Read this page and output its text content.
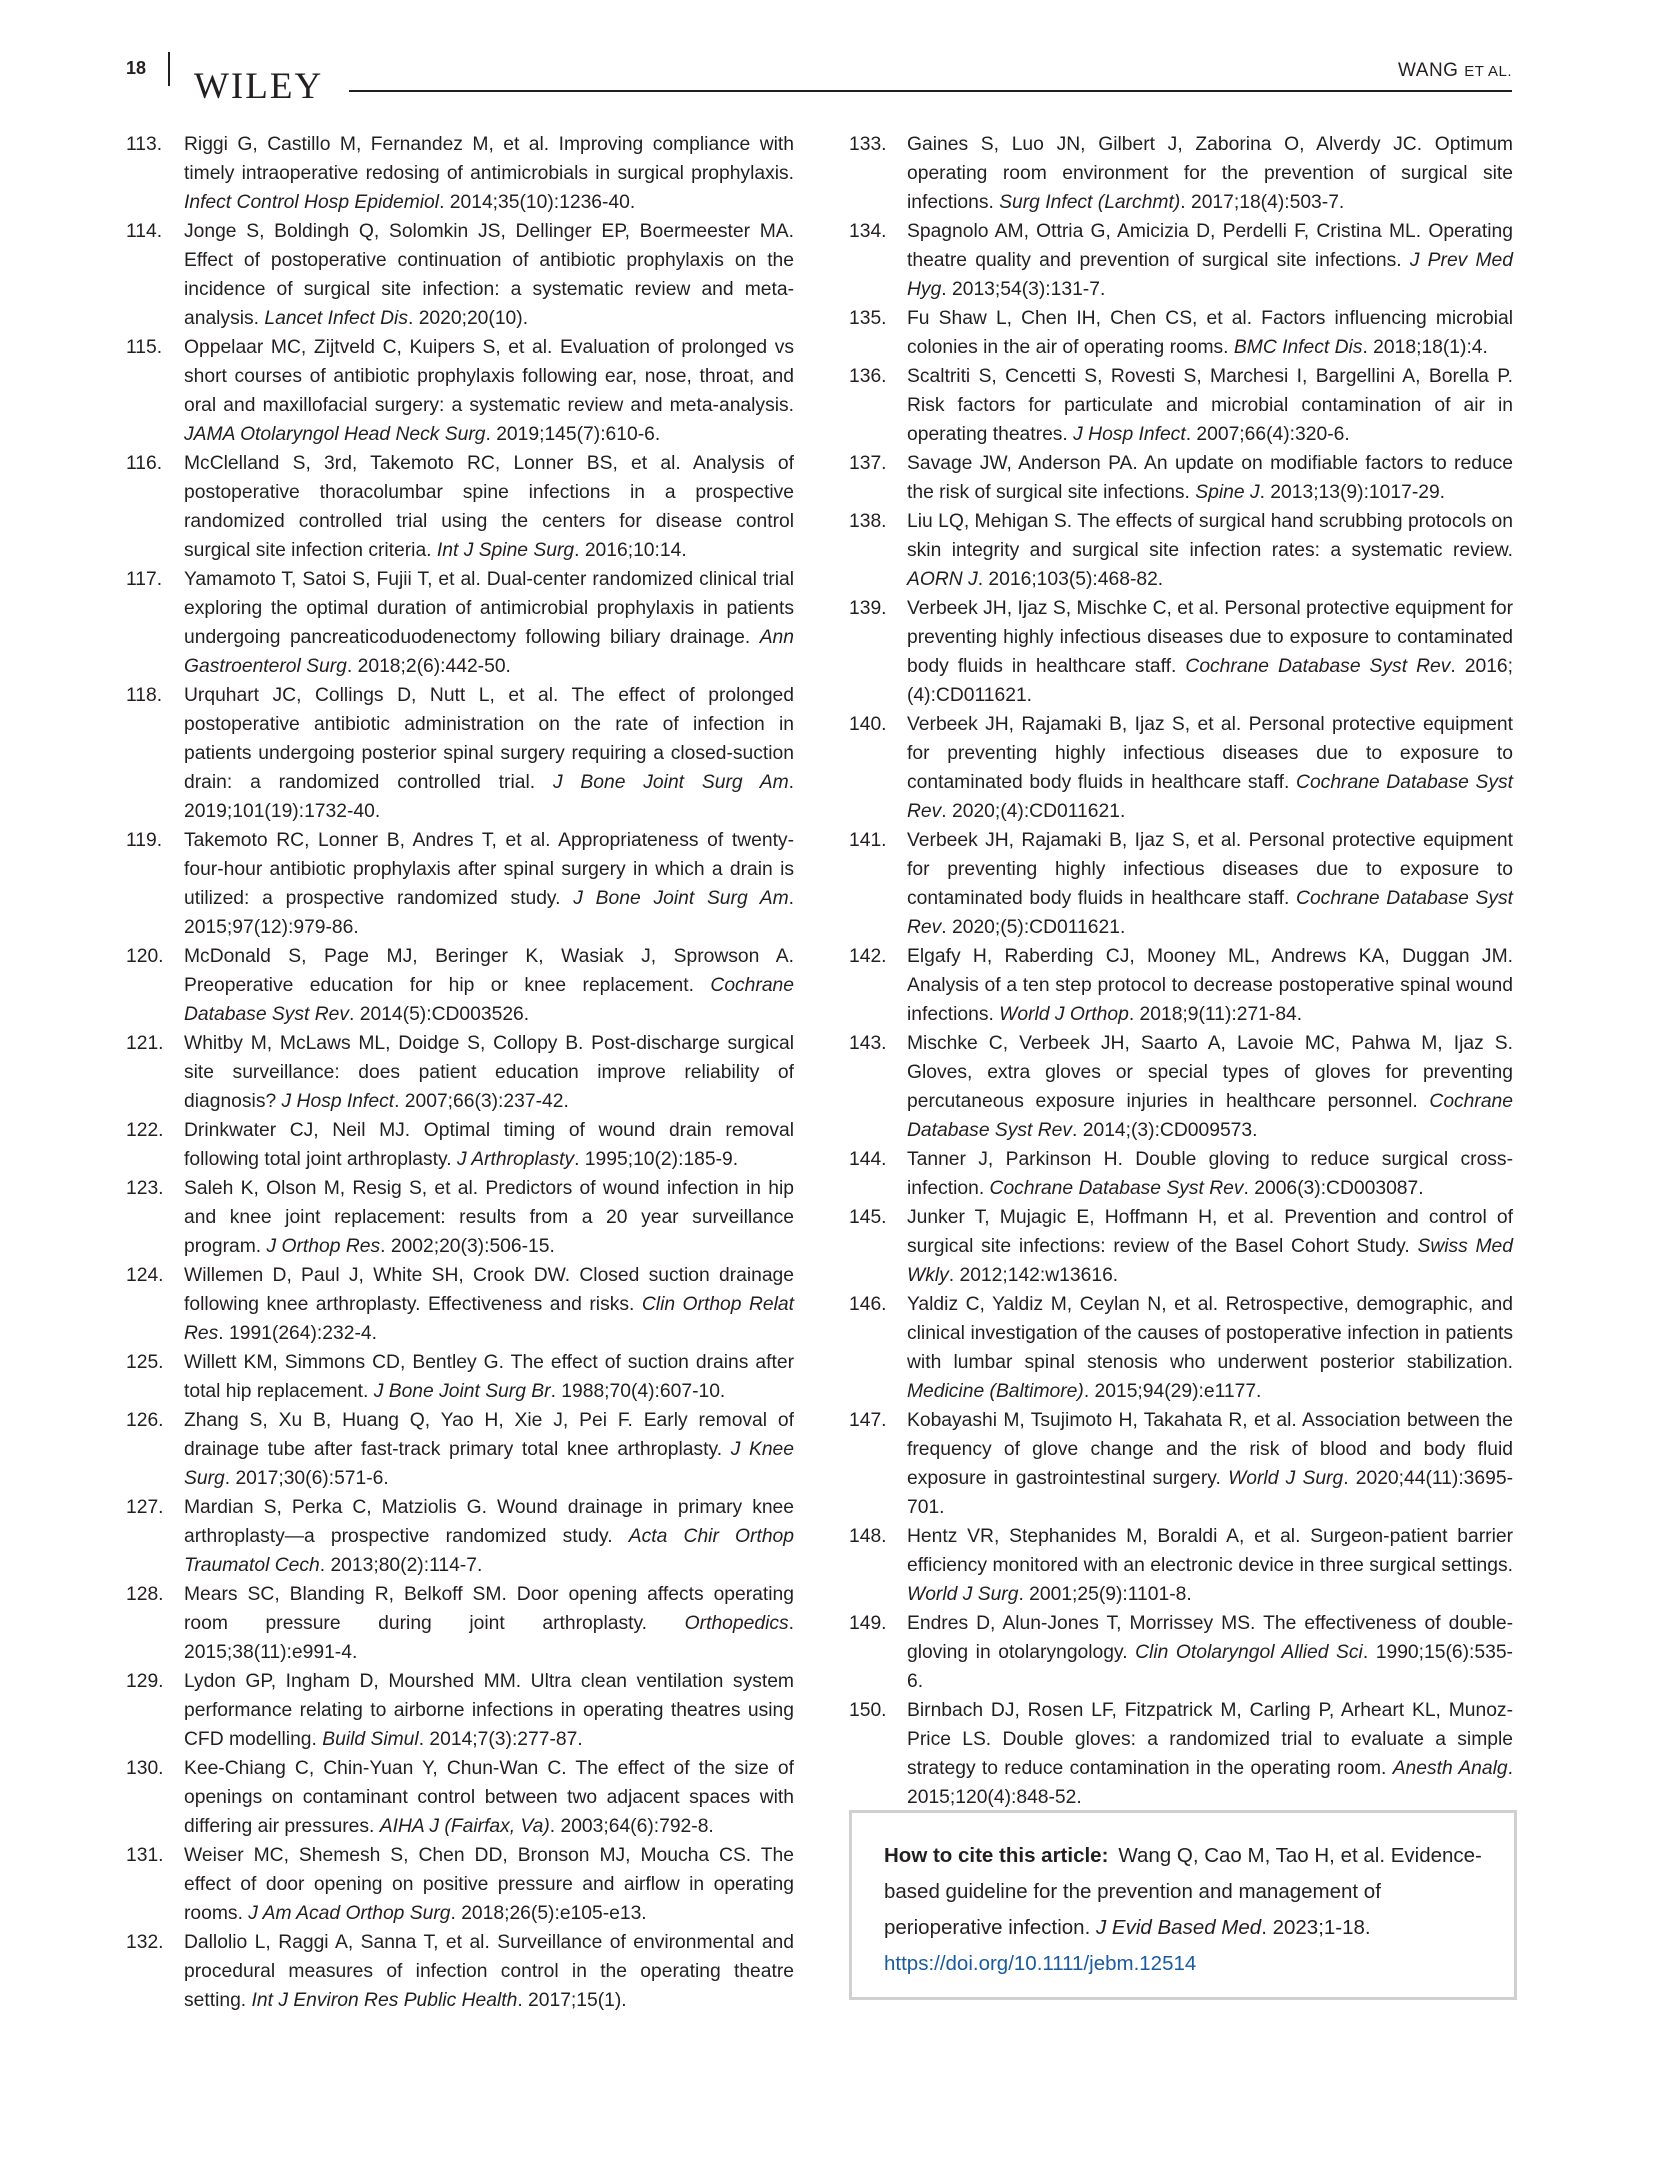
18 WILEY	WANG ET AL.
113.	Riggi G, Castillo M, Fernandez M, et al. Improving compliance with timely intraoperative redosing of antimicrobials in surgical prophylaxis. Infect Control Hosp Epidemiol. 2014;35(10):1236-40.
114.	Jonge S, Boldingh Q, Solomkin JS, Dellinger EP, Boermeester MA. Effect of postoperative continuation of antibiotic prophylaxis on the incidence of surgical site infection: a systematic review and meta-analysis. Lancet Infect Dis. 2020;20(10).
115.	Oppelaar MC, Zijtveld C, Kuipers S, et al. Evaluation of prolonged vs short courses of antibiotic prophylaxis following ear, nose, throat, and oral and maxillofacial surgery: a systematic review and meta-analysis. JAMA Otolaryngol Head Neck Surg. 2019;145(7):610-6.
116.	McClelland S, 3rd, Takemoto RC, Lonner BS, et al. Analysis of postoperative thoracolumbar spine infections in a prospective randomized controlled trial using the centers for disease control surgical site infection criteria. Int J Spine Surg. 2016;10:14.
117.	Yamamoto T, Satoi S, Fujii T, et al. Dual-center randomized clinical trial exploring the optimal duration of antimicrobial prophylaxis in patients undergoing pancreaticoduodenectomy following biliary drainage. Ann Gastroenterol Surg. 2018;2(6):442-50.
118.	Urquhart JC, Collings D, Nutt L, et al. The effect of prolonged postoperative antibiotic administration on the rate of infection in patients undergoing posterior spinal surgery requiring a closed-suction drain: a randomized controlled trial. J Bone Joint Surg Am. 2019;101(19):1732-40.
119.	Takemoto RC, Lonner B, Andres T, et al. Appropriateness of twenty-four-hour antibiotic prophylaxis after spinal surgery in which a drain is utilized: a prospective randomized study. J Bone Joint Surg Am. 2015;97(12):979-86.
120.	McDonald S, Page MJ, Beringer K, Wasiak J, Sprowson A. Preoperative education for hip or knee replacement. Cochrane Database Syst Rev. 2014(5):CD003526.
121.	Whitby M, McLaws ML, Doidge S, Collopy B. Post-discharge surgical site surveillance: does patient education improve reliability of diagnosis? J Hosp Infect. 2007;66(3):237-42.
122.	Drinkwater CJ, Neil MJ. Optimal timing of wound drain removal following total joint arthroplasty. J Arthroplasty. 1995;10(2):185-9.
123.	Saleh K, Olson M, Resig S, et al. Predictors of wound infection in hip and knee joint replacement: results from a 20 year surveillance program. J Orthop Res. 2002;20(3):506-15.
124.	Willemen D, Paul J, White SH, Crook DW. Closed suction drainage following knee arthroplasty. Effectiveness and risks. Clin Orthop Relat Res. 1991(264):232-4.
125.	Willett KM, Simmons CD, Bentley G. The effect of suction drains after total hip replacement. J Bone Joint Surg Br. 1988;70(4):607-10.
126.	Zhang S, Xu B, Huang Q, Yao H, Xie J, Pei F. Early removal of drainage tube after fast-track primary total knee arthroplasty. J Knee Surg. 2017;30(6):571-6.
127.	Mardian S, Perka C, Matziolis G. Wound drainage in primary knee arthroplasty—a prospective randomized study. Acta Chir Orthop Traumatol Cech. 2013;80(2):114-7.
128.	Mears SC, Blanding R, Belkoff SM. Door opening affects operating room pressure during joint arthroplasty. Orthopedics. 2015;38(11):e991-4.
129.	Lydon GP, Ingham D, Mourshed MM. Ultra clean ventilation system performance relating to airborne infections in operating theatres using CFD modelling. Build Simul. 2014;7(3):277-87.
130.	Kee-Chiang C, Chin-Yuan Y, Chun-Wan C. The effect of the size of openings on contaminant control between two adjacent spaces with differing air pressures. AIHA J (Fairfax, Va). 2003;64(6):792-8.
131.	Weiser MC, Shemesh S, Chen DD, Bronson MJ, Moucha CS. The effect of door opening on positive pressure and airflow in operating rooms. J Am Acad Orthop Surg. 2018;26(5):e105-e13.
132.	Dallolio L, Raggi A, Sanna T, et al. Surveillance of environmental and procedural measures of infection control in the operating theatre setting. Int J Environ Res Public Health. 2017;15(1).
133.	Gaines S, Luo JN, Gilbert J, Zaborina O, Alverdy JC. Optimum operating room environment for the prevention of surgical site infections. Surg Infect (Larchmt). 2017;18(4):503-7.
134.	Spagnolo AM, Ottria G, Amicizia D, Perdelli F, Cristina ML. Operating theatre quality and prevention of surgical site infections. J Prev Med Hyg. 2013;54(3):131-7.
135.	Fu Shaw L, Chen IH, Chen CS, et al. Factors influencing microbial colonies in the air of operating rooms. BMC Infect Dis. 2018;18(1):4.
136.	Scaltriti S, Cencetti S, Rovesti S, Marchesi I, Bargellini A, Borella P. Risk factors for particulate and microbial contamination of air in operating theatres. J Hosp Infect. 2007;66(4):320-6.
137.	Savage JW, Anderson PA. An update on modifiable factors to reduce the risk of surgical site infections. Spine J. 2013;13(9):1017-29.
138.	Liu LQ, Mehigan S. The effects of surgical hand scrubbing protocols on skin integrity and surgical site infection rates: a systematic review. AORN J. 2016;103(5):468-82.
139.	Verbeek JH, Ijaz S, Mischke C, et al. Personal protective equipment for preventing highly infectious diseases due to exposure to contaminated body fluids in healthcare staff. Cochrane Database Syst Rev. 2016;(4):CD011621.
140.	Verbeek JH, Rajamaki B, Ijaz S, et al. Personal protective equipment for preventing highly infectious diseases due to exposure to contaminated body fluids in healthcare staff. Cochrane Database Syst Rev. 2020;(4):CD011621.
141.	Verbeek JH, Rajamaki B, Ijaz S, et al. Personal protective equipment for preventing highly infectious diseases due to exposure to contaminated body fluids in healthcare staff. Cochrane Database Syst Rev. 2020;(5):CD011621.
142.	Elgafy H, Raberding CJ, Mooney ML, Andrews KA, Duggan JM. Analysis of a ten step protocol to decrease postoperative spinal wound infections. World J Orthop. 2018;9(11):271-84.
143.	Mischke C, Verbeek JH, Saarto A, Lavoie MC, Pahwa M, Ijaz S. Gloves, extra gloves or special types of gloves for preventing percutaneous exposure injuries in healthcare personnel. Cochrane Database Syst Rev. 2014;(3):CD009573.
144.	Tanner J, Parkinson H. Double gloving to reduce surgical cross-infection. Cochrane Database Syst Rev. 2006(3):CD003087.
145.	Junker T, Mujagic E, Hoffmann H, et al. Prevention and control of surgical site infections: review of the Basel Cohort Study. Swiss Med Wkly. 2012;142:w13616.
146.	Yaldiz C, Yaldiz M, Ceylan N, et al. Retrospective, demographic, and clinical investigation of the causes of postoperative infection in patients with lumbar spinal stenosis who underwent posterior stabilization. Medicine (Baltimore). 2015;94(29):e1177.
147.	Kobayashi M, Tsujimoto H, Takahata R, et al. Association between the frequency of glove change and the risk of blood and body fluid exposure in gastrointestinal surgery. World J Surg. 2020;44(11):3695-701.
148.	Hentz VR, Stephanides M, Boraldi A, et al. Surgeon-patient barrier efficiency monitored with an electronic device in three surgical settings. World J Surg. 2001;25(9):1101-8.
149.	Endres D, Alun-Jones T, Morrissey MS. The effectiveness of double-gloving in otolaryngology. Clin Otolaryngol Allied Sci. 1990;15(6):535-6.
150.	Birnbach DJ, Rosen LF, Fitzpatrick M, Carling P, Arheart KL, Munoz-Price LS. Double gloves: a randomized trial to evaluate a simple strategy to reduce contamination in the operating room. Anesth Analg. 2015;120(4):848-52.
How to cite this article: Wang Q, Cao M, Tao H, et al. Evidence-based guideline for the prevention and management of perioperative infection. J Evid Based Med. 2023;1-18.
https://doi.org/10.1111/jebm.12514
